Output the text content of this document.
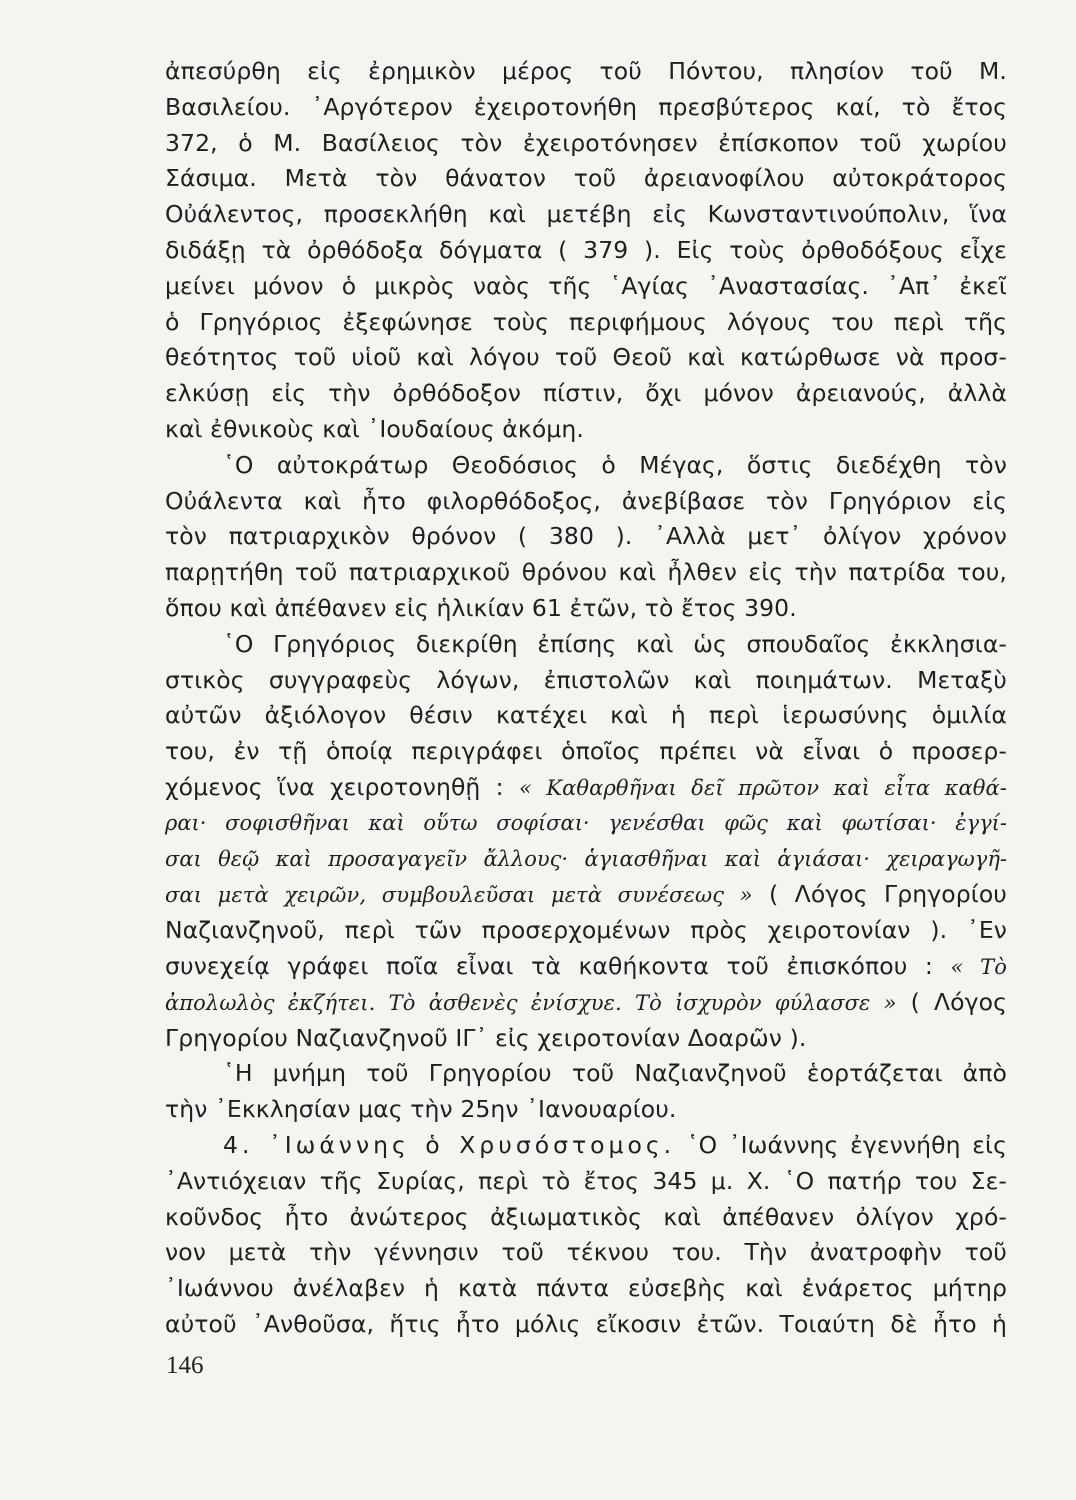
ἀπεσύρθη εἰς ἐρημικὸν μέρος τοῦ Πόντου, πλησίον τοῦ Μ.
Βασιλείου. ᾿Αργότερον ἐχειροτονήθη πρεσβύτερος καί, τὸ ἔτος
372, ὁ Μ. Βασίλειος τὸν ἐχειροτόνησεν ἐπίσκοπον τοῦ χωρίου
Σάσιμα. Μετὰ τὸν θάνατον τοῦ ἀρειανοφίλου αὐτοκράτορος
Οὐάλεντος, προσεκλήθη καὶ μετέβη εἰς Κωνσταντινούπολιν, ἵνα
διδάξῃ τὰ ὀρθόδοξα δόγματα ( 379 ). Εἰς τοὺς ὀρθοδόξους εἶχε
μείνει μόνον ὁ μικρὸς ναὸς τῆς ῾Αγίας ᾿Αναστασίας. ᾿Απ᾿ ἐκεῖ
ὁ Γρηγόριος ἐξεφώνησε τοὺς περιφήμους λόγους του περὶ τῆς
θεότητος τοῦ υἱοῦ καὶ λόγου τοῦ Θεοῦ καὶ κατώρθωσε νὰ προσ-
ελκύσῃ εἰς τὴν ὀρθόδοξον πίστιν, ὄχι μόνον ἀρειανούς, ἀλλὰ
καὶ ἐθνικοὺς καὶ ᾿Ιουδαίους ἀκόμη.
῾Ο αὐτοκράτωρ Θεοδόσιος ὁ Μέγας, ὅστις διεδέχθη τὸν
Οὐάλεντα καὶ ἦτο φιλορθόδοξος, ἀνεβίβασε τὸν Γρηγόριον εἰς
τὸν πατριαρχικὸν θρόνον ( 380 ). ᾿Αλλὰ μετ᾿ ὀλίγον χρόνον
παρῃτήθη τοῦ πατριαρχικοῦ θρόνου καὶ ἦλθεν εἰς τὴν πατρίδα του,
ὅπου καὶ ἀπέθανεν εἰς ἡλικίαν 61 ἐτῶν, τὸ ἔτος 390.
῾Ο Γρηγόριος διεκρίθη ἐπίσης καὶ ὡς σπουδαῖος ἐκκλησια-
στικὸς συγγραφεὺς λόγων, ἐπιστολῶν καὶ ποιημάτων. Μεταξὺ
αὐτῶν ἀξιόλογον θέσιν κατέχει καὶ ἡ περὶ ἱερωσύνης ὁμιλία
του, ἐν τῇ ὁποίᾳ περιγράφει ὁποῖος πρέπει νὰ εἶναι ὁ προσερ-
χόμενος ἵνα χειροτονηθῇ : « Καθαρθῆναι δεῖ πρῶτον καὶ εἶτα καθά-
ραι· σοφισθῆναι καὶ οὕτω σοφίσαι· γενέσθαι φῶς καὶ φωτίσαι· ἐγγί-
σαι θεῷ καὶ προσαγαγεῖν ἄλλους· ἁγιασθῆναι καὶ ἁγιάσαι· χειραγωγῆ-
σαι μετὰ χειρῶν, συμβουλεῦσαι μετὰ συνέσεως » ( Λόγος Γρηγορίου
Ναζιανζηνοῦ, περὶ τῶν προσερχομένων πρὸς χειροτονίαν ). ᾿Εν
συνεχείᾳ γράφει ποῖα εἶναι τὰ καθήκοντα τοῦ ἐπισκόπου : « Τὸ
ἀπολωλὸς ἐκζήτει. Τὸ ἀσθενὲς ἐνίσχυε. Τὸ ἰσχυρὸν φύλασσε » ( Λόγος
Γρηγορίου Ναζιανζηνοῦ ΙΓ᾿ εἰς χειροτονίαν Δοαρῶν ).
῾Η μνήμη τοῦ Γρηγορίου τοῦ Ναζιανζηνοῦ ἑορτάζεται ἀπὸ
τὴν ᾿Εκκλησίαν μας τὴν 25ην ᾿Ιανουαρίου.
4. ᾿Ιωάννης ὁ Χρυσόστομος. ῾Ο ᾿Ιωάννης ἐγεννήθη εἰς
᾿Αντιόχειαν τῆς Συρίας, περὶ τὸ ἔτος 345 μ. Χ. ῾Ο πατήρ του Σε-
κοῦνδος ἦτο ἀνώτερος ἀξιωματικὸς καὶ ἀπέθανεν ὀλίγον χρό-
νον μετὰ τὴν γέννησιν τοῦ τέκνου του. Τὴν ἀνατροφὴν τοῦ
᾿Ιωάννου ἀνέλαβεν ἡ κατὰ πάντα εὐσεβὴς καὶ ἐνάρετος μήτηρ
αὐτοῦ ᾿Ανθοῦσα, ἥτις ἦτο μόλις εἴκοσιν ἐτῶν. Τοιαύτη δὲ ἦτο ἡ
146
